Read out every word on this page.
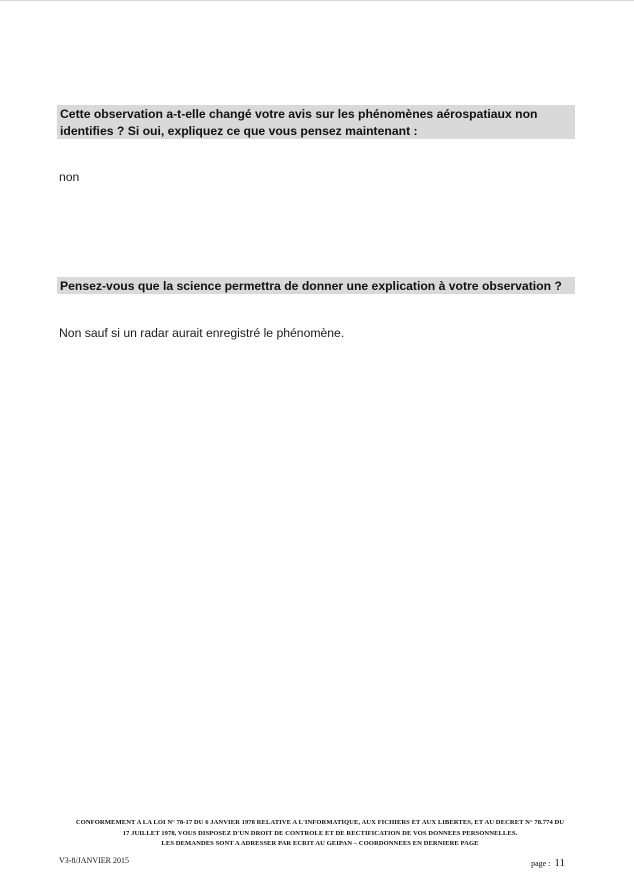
Cette observation a-t-elle changé votre avis sur les phénomènes aérospatiaux non identifies ? Si oui, expliquez ce que vous pensez maintenant :
non
Pensez-vous que la science permettra de donner une explication à votre observation ?
Non sauf si un radar aurait enregistré le phénomène.
CONFORMEMENT A LA LOI N° 78-17 DU 6 JANVIER 1978 RELATIVE A L'INFORMATIQUE, AUX FICHIERS ET AUX LIBERTES, ET AU DECRET N° 78.774 DU
17 JUILLET 1978, VOUS DISPOSEZ D'UN DROIT DE CONTROLE ET DE RECTIFICATION DE VOS DONNEES PERSONNELLES.
LES DEMANDES SONT A ADRESSER PAR ECRIT AU GEIPAN – COORDONNEES EN DERNIERE PAGE
V3-8/JANVIER 2015	page : 11
